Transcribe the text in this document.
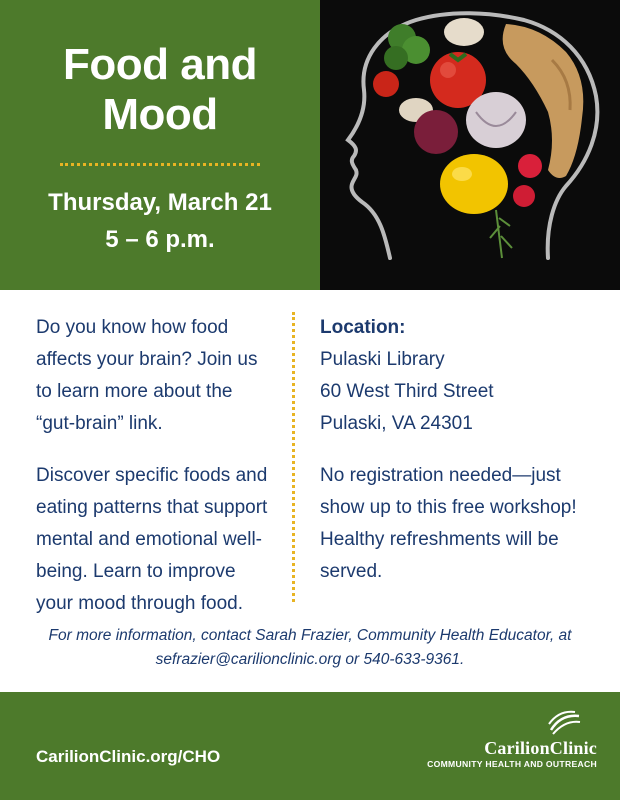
Food and
Mood
Thursday, March 21
5 – 6 p.m.

Do you know how food affects your brain? Join us to learn more about the “gut-brain” link.

Discover specific foods and eating patterns that support mental and emotional well-being. Learn to improve your mood through food.

Location:
Pulaski Library
60 West Third Street
Pulaski, VA 24301
No registration needed—just show up to this free workshop! Healthy refreshments will be served.
For more information, contact Sarah Frazier, Community Health Educator, at
sefrazier@carilionclinic.org or 540-633-9361.
CarilionClinic.org/CHO	CarilionClinic
COMMUNITY HEALTH AND OUTREACH
